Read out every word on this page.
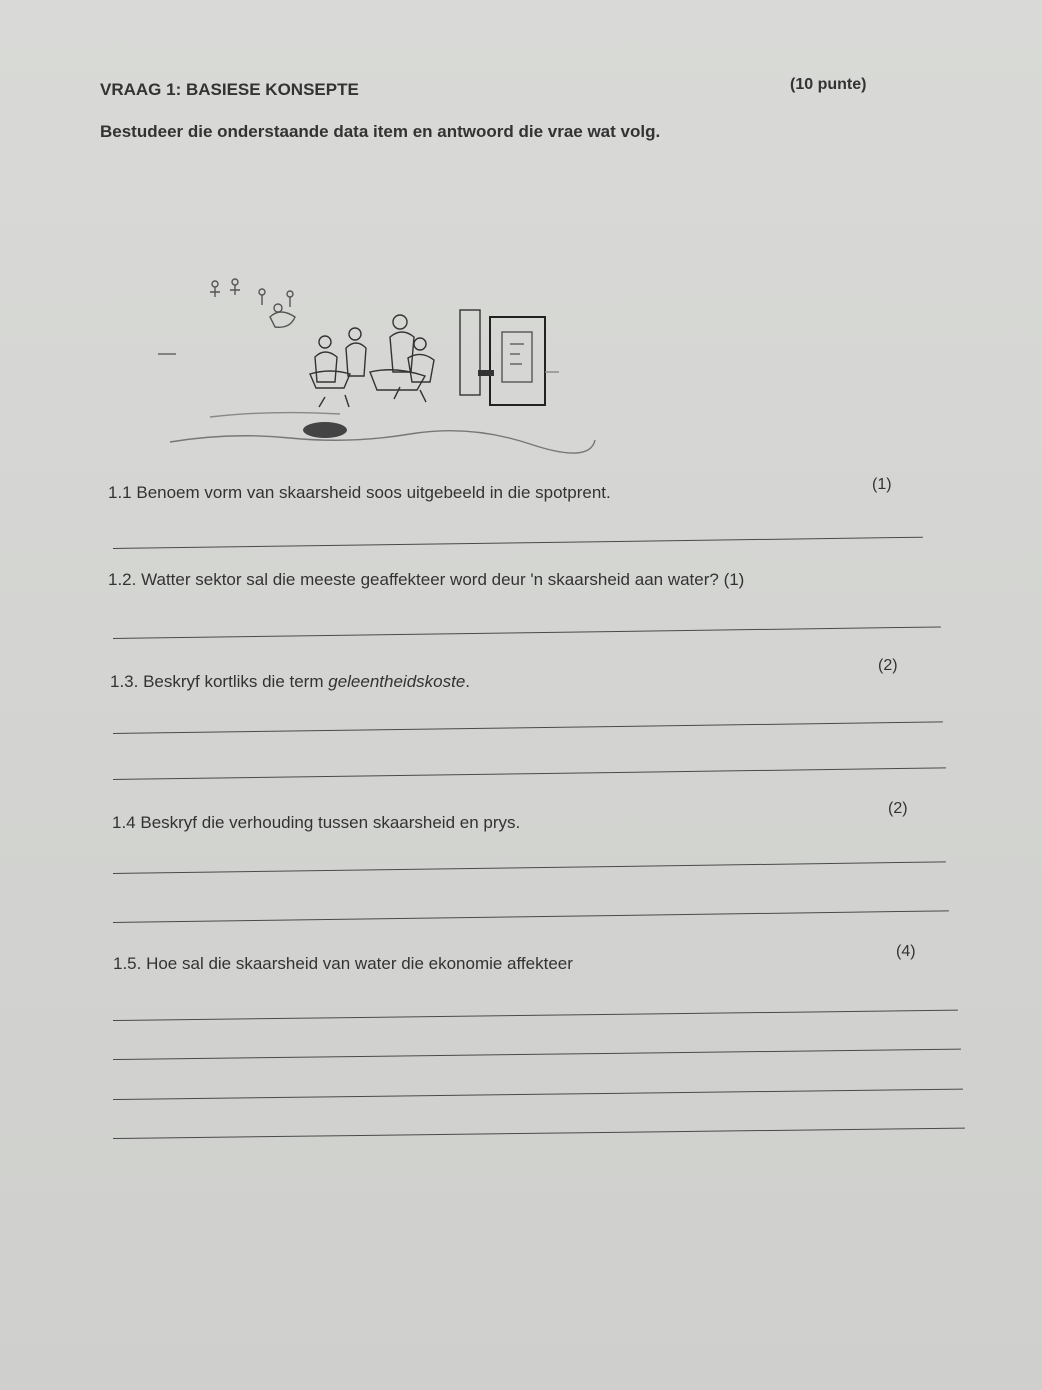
VRAAG 1: BASIESE KONSEPTE	(10 punte)
Bestudeer die onderstaande data item en antwoord die vrae wat volg.
1.1 Benoem vorm van skaarsheid soos uitgebeeld in die spotprent.	(1)
1.2. Watter sektor sal die meeste geaffekteer word deur 'n skaarsheid aan water? (1)
1.3. Beskryf kortliks die term geleentheidskoste.
(2)
1.4 Beskryf die verhouding tussen skaarsheid en prys.
(2)
1.5. Hoe sal die skaarsheid van water die ekonomie affekteer
(4)
